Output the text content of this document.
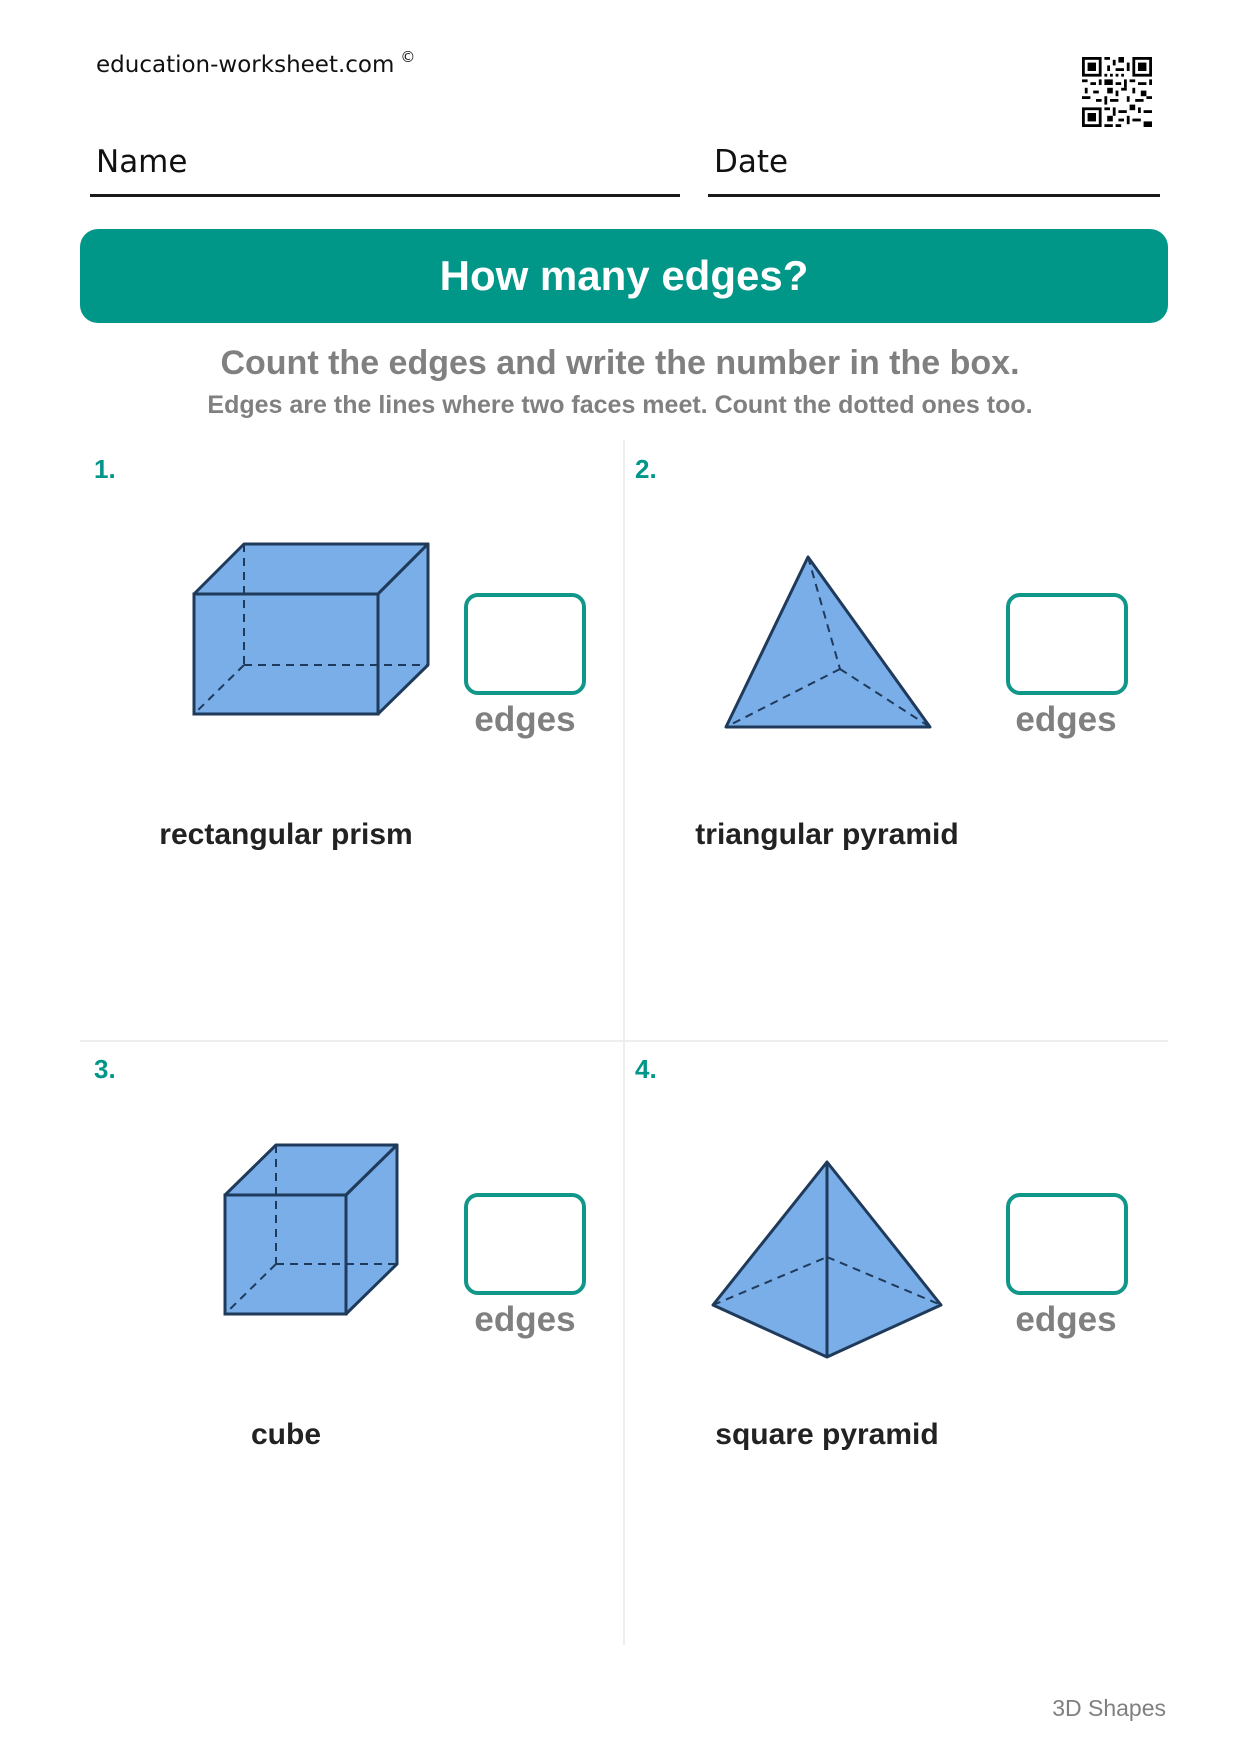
education-worksheet.com ©
Name	Date
How many edges?
Count the edges and write the number in the box.
Edges are the lines where two faces meet. Count the dotted ones too.
1.
edges
rectangular prism
2.
edges
triangular pyramid
3.
edges
cube
4.
edges
square pyramid
3D Shapes
